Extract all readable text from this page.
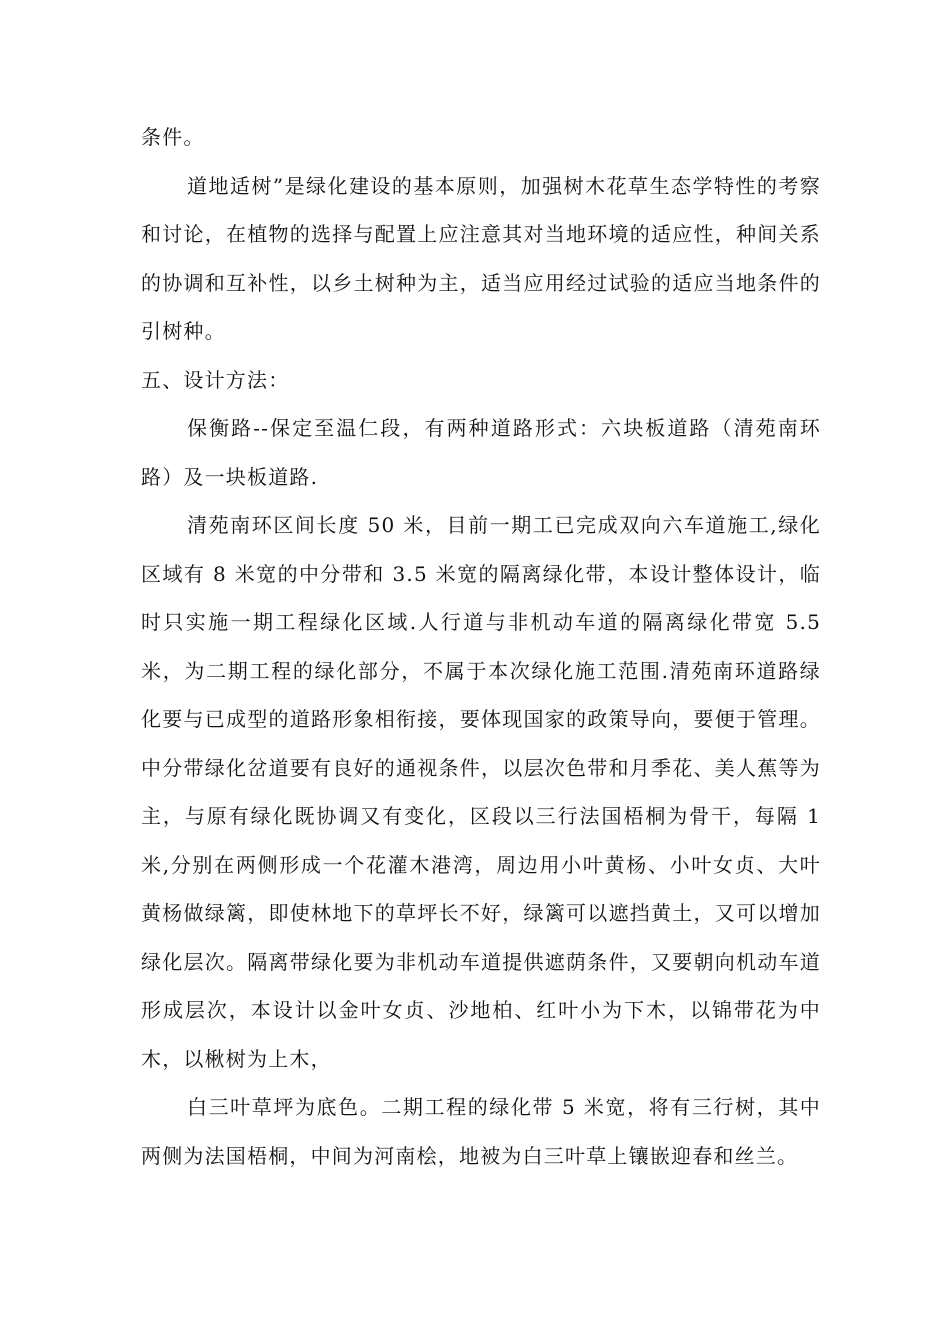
条件。

道地适树”是绿化建设的基本原则，加强树木花草生态学特性的考察和讨论，在植物的选择与配置上应注意其对当地环境的适应性，种间关系的协调和互补性，以乡土树种为主，适当应用经过试验的适应当地条件的引树种。

五、设计方法：

保衡路--保定至温仁段，有两种道路形式：六块板道路（清苑南环路）及一块板道路.

清苑南环区间长度 50 米，目前一期工已完成双向六车道施工,绿化区域有 8 米宽的中分带和 3.5 米宽的隔离绿化带，本设计整体设计，临时只实施一期工程绿化区域.人行道与非机动车道的隔离绿化带宽 5.5 米，为二期工程的绿化部分，不属于本次绿化施工范围.清苑南环道路绿化要与已成型的道路形象相衔接，要体现国家的政策导向，要便于管理。中分带绿化岔道要有良好的通视条件，以层次色带和月季花、美人蕉等为主，与原有绿化既协调又有变化，区段以三行法国梧桐为骨干，每隔 1 米,分别在两侧形成一个花灌木港湾，周边用小叶黄杨、小叶女贞、大叶黄杨做绿篱，即使林地下的草坪长不好，绿篱可以遮挡黄土，又可以增加绿化层次。隔离带绿化要为非机动车道提供遮荫条件，又要朝向机动车道形成层次，本设计以金叶女贞、沙地柏、红叶小为下木，以锦带花为中木，以楸树为上木，

白三叶草坪为底色。二期工程的绿化带 5 米宽，将有三行树，其中两侧为法国梧桐，中间为河南桧，地被为白三叶草上镶嵌迎春和丝兰。
